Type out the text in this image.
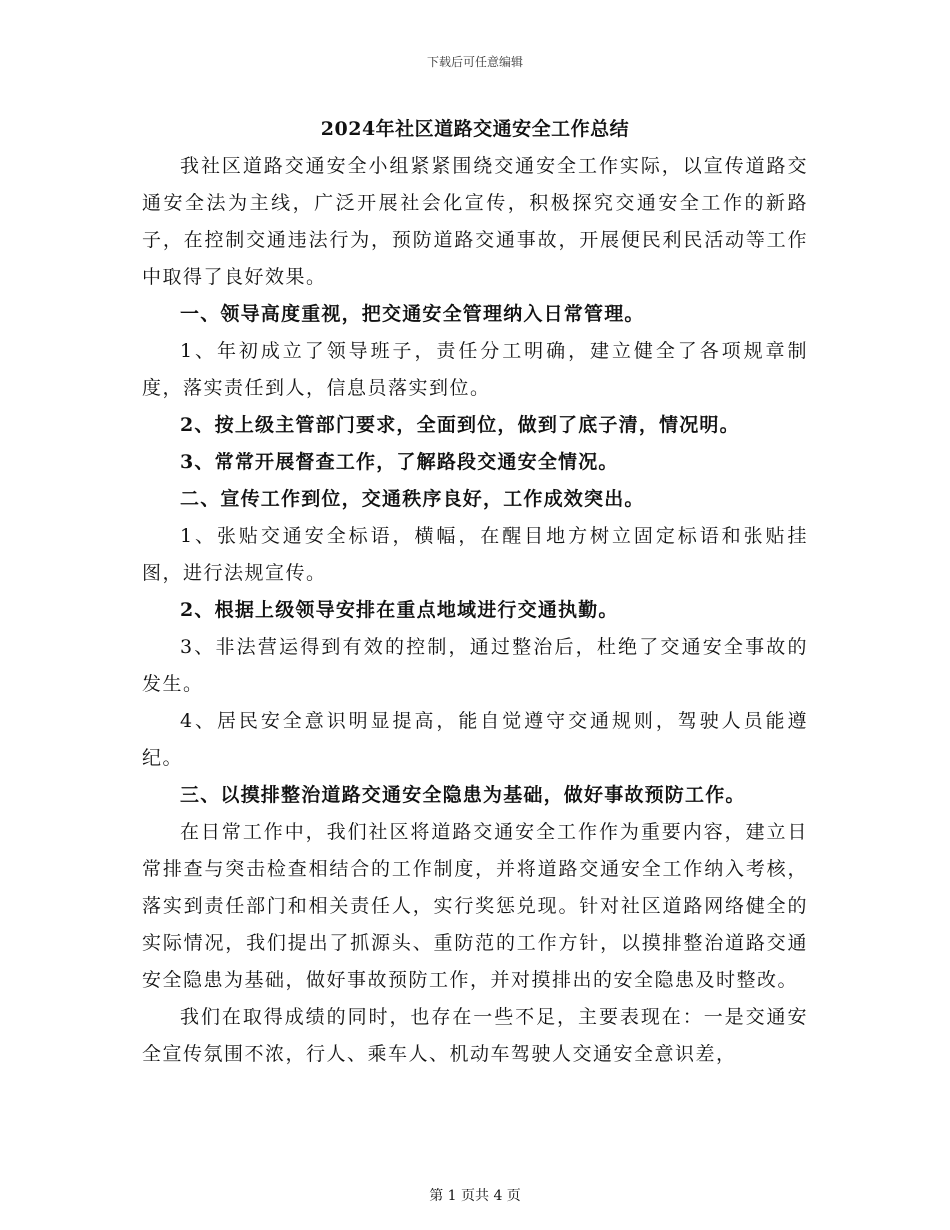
下载后可任意编辑
2024年社区道路交通安全工作总结

我社区道路交通安全小组紧紧围绕交通安全工作实际，以宣传道路交通安全法为主线，广泛开展社会化宣传，积极探究交通安全工作的新路子，在控制交通违法行为，预防道路交通事故，开展便民利民活动等工作中取得了良好效果。

一、领导高度重视，把交通安全管理纳入日常管理。

1、年初成立了领导班子，责任分工明确，建立健全了各项规章制度，落实责任到人，信息员落实到位。

2、按上级主管部门要求，全面到位，做到了底子清，情况明。

3、常常开展督查工作，了解路段交通安全情况。

二、宣传工作到位，交通秩序良好，工作成效突出。

1、张贴交通安全标语，横幅，在醒目地方树立固定标语和张贴挂图，进行法规宣传。

2、根据上级领导安排在重点地域进行交通执勤。

3、非法营运得到有效的控制，通过整治后，杜绝了交通安全事故的发生。

4、居民安全意识明显提高，能自觉遵守交通规则，驾驶人员能遵纪。

三、以摸排整治道路交通安全隐患为基础，做好事故预防工作。

在日常工作中，我们社区将道路交通安全工作作为重要内容，建立日常排查与突击检查相结合的工作制度，并将道路交通安全工作纳入考核，落实到责任部门和相关责任人，实行奖惩兑现。针对社区道路网络健全的实际情况，我们提出了抓源头、重防范的工作方针，以摸排整治道路交通安全隐患为基础，做好事故预防工作，并对摸排出的安全隐患及时整改。

我们在取得成绩的同时，也存在一些不足，主要表现在：一是交通安全宣传氛围不浓，行人、乘车人、机动车驾驶人交通安全意识差，

第 1 页共 4 页
